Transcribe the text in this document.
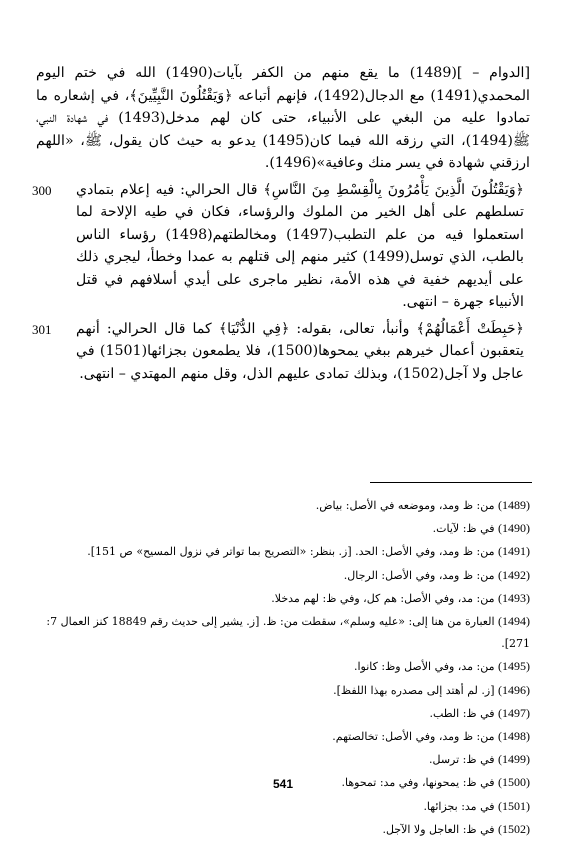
[الدوام – ](1489) ما يقع منهم من الكفر بآيات(1490) الله في ختم اليوم المحمدي(1491) مع الدجال(1492)، فإنهم أتباعه ﴿وَيَقْتُلُونَ النَّبِيِّينَ﴾، في إشعاره ما تمادوا عليه من البغي على الأنبياء، حتى كان لهم مدخل(1493) في شهادة النبي، ﷺ(1494)، التي رزقه الله فيما كان(1495) يدعو به حيث كان يقول، ﷺ، «اللهم ارزقني شهادة في يسر منك وعافية»(1496).

300 ﴿وَيَقْتُلُونَ الَّذِينَ يَأْمُرُونَ بِالْقِسْطِ مِنَ النَّاسِ﴾ قال الحرالي: فيه إعلام بتمادي تسلطهم على أهل الخير من الملوك والرؤساء، فكان في طيه الإلاحة لما استعملوا فيه من علم التطبب(1497) ومخالطتهم(1498) رؤساء الناس بالطب، الذي توسل(1499) كثير منهم إلى قتلهم به عمدا وخطأ، ليجري ذلك على أيديهم خفية في هذه الأمة، نظير ماجرى على أيدي أسلافهم في قتل الأنبياء جهرة – انتهى.

301 ﴿حَبِطَتْ أَعْمَالُهُمْ﴾ وأنبأ، تعالى، بقوله: ﴿فِي الدُّنْيَا﴾ كما قال الحرالي: أنهم يتعقبون أعمال خيرهم ببغي يمحوها(1500)، فلا يطمعون بجزائها(1501) في عاجل ولا آجل(1502)، وبذلك تمادى عليهم الذل، وقل منهم المهتدي – انتهى.

(1489) من: ظ ومد، وموضعه في الأصل: بياض.
(1490) في ظ: لآيات.
(1491) من: ظ ومد، وفي الأصل: الحد. [ز. بنظر: «التصريح بما تواتر في نزول المسيح» ص 151].
(1492) من: ظ ومد، وفي الأصل: الرجال.
(1493) من: مد، وفي الأصل: هم كل، وفي ظ: لهم مدخلا.
(1494) العبارة من هنا إلى: «عليه وسلم»، سقطت من: ظ. [ز. يشير إلى حديث رقم 18849 كنز العمال 7: 271].
(1495) من: مد، وفي الأصل وظ: كانوا.
(1496) [ز. لم أهتد إلى مصدره بهذا اللفظ].
(1497) في ظ: الطب.
(1498) من: ظ ومد، وفي الأصل: تخالصتهم.
(1499) في ظ: ترسل.
(1500) في ظ: يمحونها، وفي مد: تمحوها.
(1501) في مد: بجزائها.
(1502) في ظ: العاجل ولا الآجل.
541
